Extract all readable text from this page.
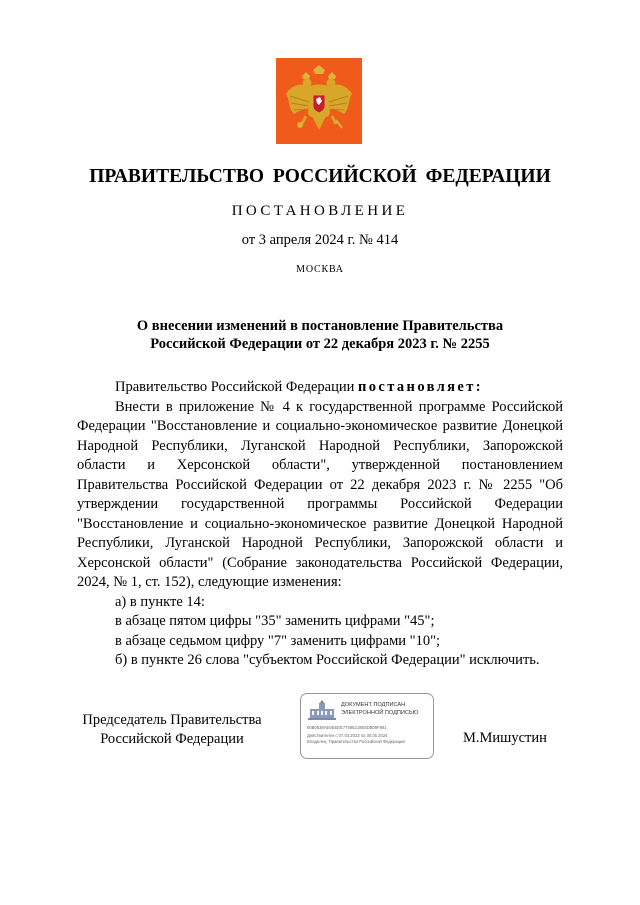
ПРАВИТЕЛЬСТВО РОССИЙСКОЙ ФЕДЕРАЦИИ
ПОСТАНОВЛЕНИЕ
от 3 апреля 2024 г. № 414
МОСКВА
О внесении изменений в постановление Правительства
Российской Федерации от 22 декабря 2023 г. № 2255

Правительство Российской Федерации постановляет:

Внести в приложение № 4 к государственной программе Российской Федерации "Восстановление и социально-экономическое развитие Донецкой Народной Республики, Луганской Народной Республики, Запорожской области и Херсонской области", утвержденной постановлением Правительства Российской Федерации от 22 декабря 2023 г. № 2255 "Об утверждении государственной программы Российской Федерации "Восстановление и социально-экономическое развитие Донецкой Народной Республики, Луганской Народной Республики, Запорожской области и Херсонской области" (Собрание законодательства Российской Федерации, 2024, № 1, ст. 152), следующие изменения:

а) в пункте 14:

в абзаце пятом цифры "35" заменить цифрами "45";

в абзаце седьмом цифру "7" заменить цифрами "10";

б) в пункте 26 слова "субъектом Российской Федерации" исключить.

Председатель Правительства
Российской Федерации
ДОКУМЕНТ ПОДПИСАН
ЭЛЕКТРОННОЙ ПОДПИСЬЮ
00B0638AE6EEEE77596219E8DB09F881
Действителен с 07.03.2023 по 30.05.2024
Владелец: Правительство Российской Федерации	М.Мишустин
